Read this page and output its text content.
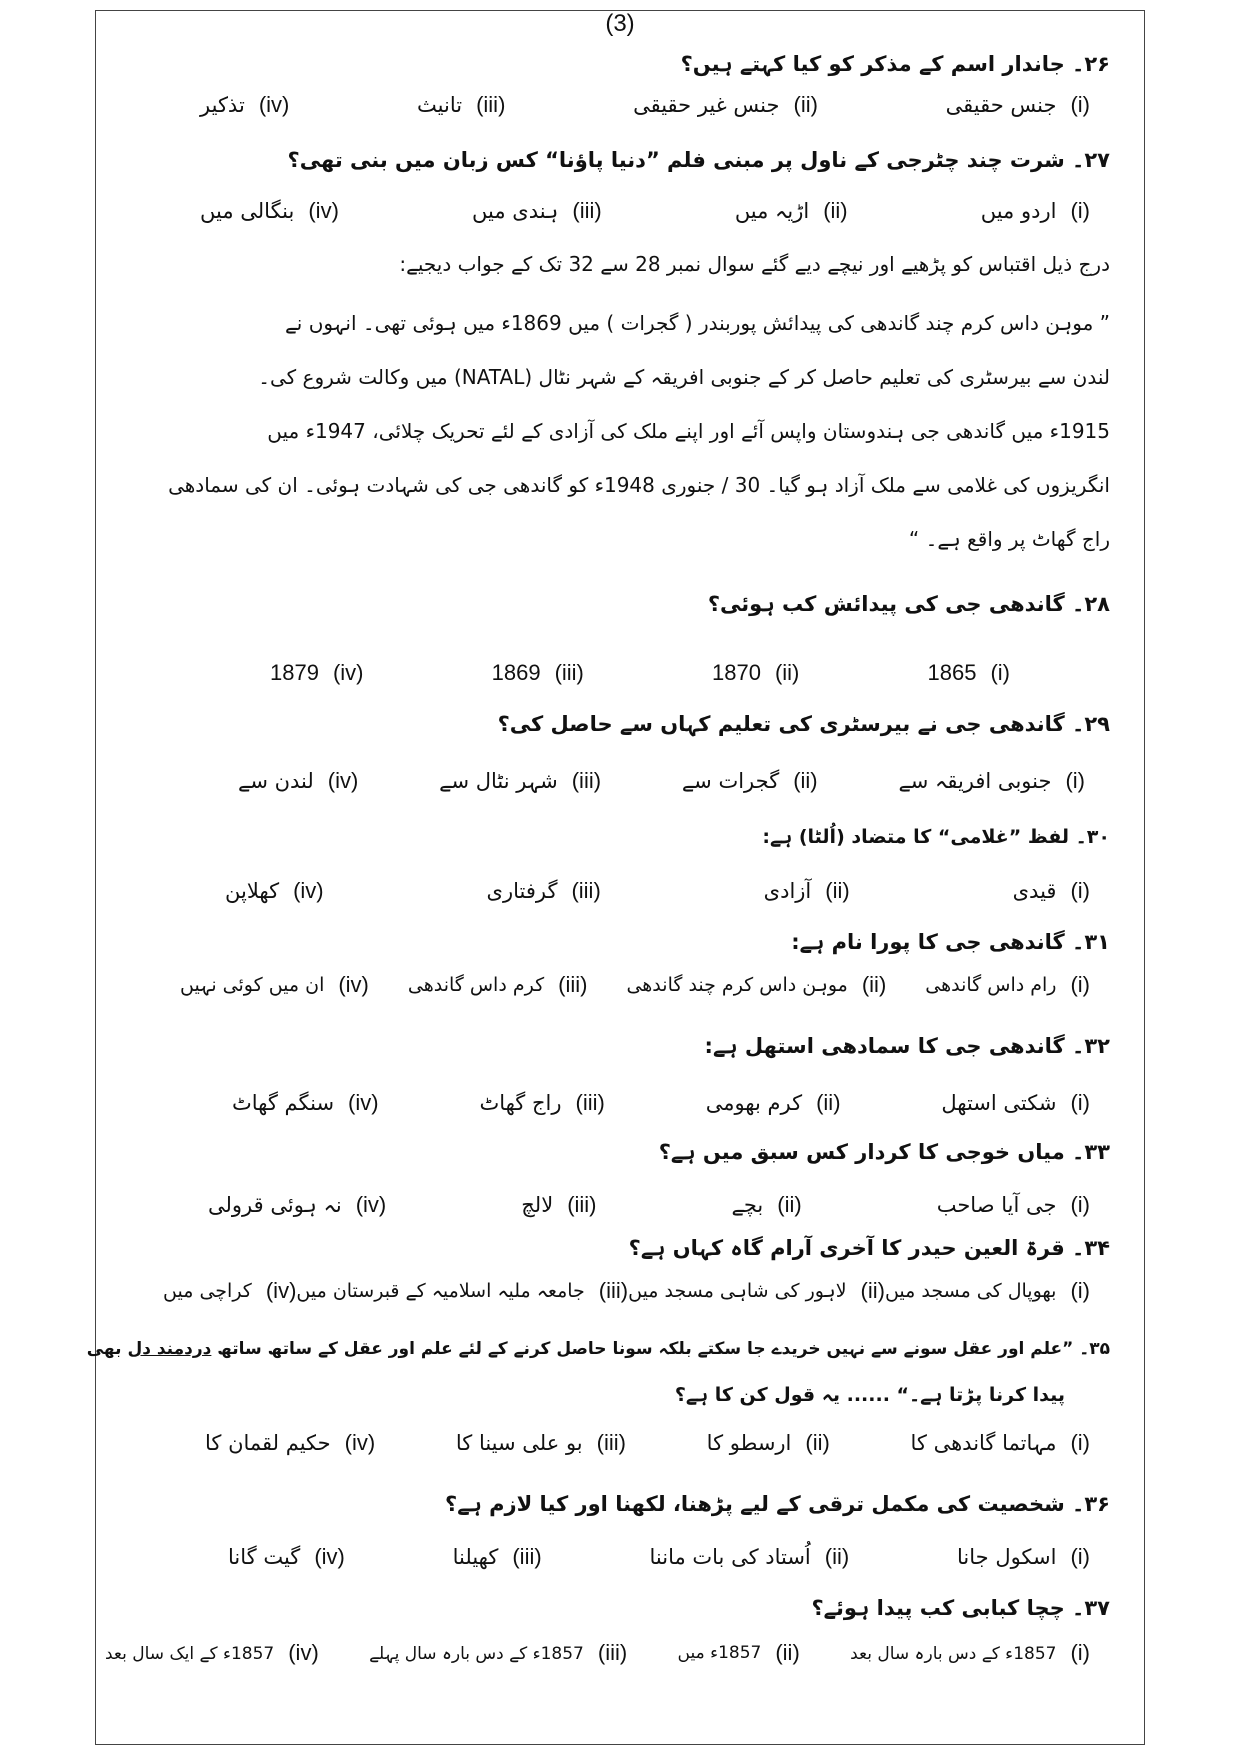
(3)
۲۶۔ جاندار اسم کے مذکر کو کیا کہتے ہیں؟
(i)
جنس حقیقی
(ii)
جنس غیر حقیقی
(iii)
تانیث
(iv)
تذکیر
۲۷۔ شرت چند چٹرجی کے ناول پر مبنی فلم ”دنیا پاؤنا“ کس زبان میں بنی تھی؟
(i)
اردو میں
(ii)
اڑیہ میں
(iii)
ہندی میں
(iv)
بنگالی میں
درج ذیل اقتباس کو پڑھیے اور نیچے دیے گئے سوال نمبر 28 سے 32 تک کے جواب دیجیے:

” موہن داس کرم چند گاندھی کی پیدائش پوربندر ( گجرات ) میں 1869ء میں ہوئی تھی۔ انہوں نے

لندن سے بیرسٹری کی تعلیم حاصل کر کے جنوبی افریقہ کے شہر نٹال (NATAL) میں وکالت شروع کی۔

1915ء میں گاندھی جی ہندوستان واپس آئے اور اپنے ملک کی آزادی کے لئے تحریک چلائی، 1947ء میں

انگریزوں کی غلامی سے ملک آزاد ہو گیا۔ 30 / جنوری 1948ء کو گاندھی جی کی شہادت ہوئی۔ ان کی سمادھی

راج گھاٹ پر واقع ہے۔ “

۲۸۔ گاندھی جی کی پیدائش کب ہوئی؟
(i)
1865
(ii)
1870
(iii)
1869
(iv)
1879
۲۹۔ گاندھی جی نے بیرسٹری کی تعلیم کہاں سے حاصل کی؟
(i)
جنوبی افریقہ سے
(ii)
گجرات سے
(iii)
شہر نٹال سے
(iv)
لندن سے
۳۰۔ لفظ ”غلامی“ کا متضاد (اُلٹا) ہے:
(i)
قیدی
(ii)
آزادی
(iii)
گرفتاری
(iv)
کھلاپن
۳۱۔ گاندھی جی کا پورا نام ہے:
(i)
رام داس گاندھی
(ii)
موہن داس کرم چند گاندھی
(iii)
کرم داس گاندھی
(iv)
ان میں کوئی نہیں
۳۲۔ گاندھی جی کا سمادھی استھل ہے:
(i)
شکتی استھل
(ii)
کرم بھومی
(iii)
راج گھاٹ
(iv)
سنگم گھاٹ
۳۳۔ میاں خوجی کا کردار کس سبق میں ہے؟
(i)
جی آیا صاحب
(ii)
بچے
(iii)
لالچ
(iv)
نہ ہوئی قرولی
۳۴۔ قرۃ العین حیدر کا آخری آرام گاہ کہاں ہے؟
(i)
بھوپال کی مسجد میں
(ii)
لاہور کی شاہی مسجد میں
(iii)
جامعہ ملیہ اسلامیہ کے قبرستان میں
(iv)
کراچی میں
۳۵۔ ”علم اور عقل سونے سے نہیں خریدے جا سکتے بلکہ سونا حاصل کرنے کے لئے علم اور عقل کے ساتھ ساتھ دردمند دل بھی
پیدا کرنا پڑتا ہے۔“ ...... یہ قول کن کا ہے؟
(i)
مہاتما گاندھی کا
(ii)
ارسطو کا
(iii)
بو علی سینا کا
(iv)
حکیم لقمان کا
۳۶۔ شخصیت کی مکمل ترقی کے لیے پڑھنا، لکھنا اور کیا لازم ہے؟
(i)
اسکول جانا
(ii)
اُستاد کی بات ماننا
(iii)
کھیلنا
(iv)
گیت گانا
۳۷۔ چچا کبابی کب پیدا ہوئے؟
(i)
1857ء کے دس بارہ سال بعد
(ii)
1857ء میں
(iii)
1857ء کے دس بارہ سال پہلے
(iv)
1857ء کے ایک سال بعد
